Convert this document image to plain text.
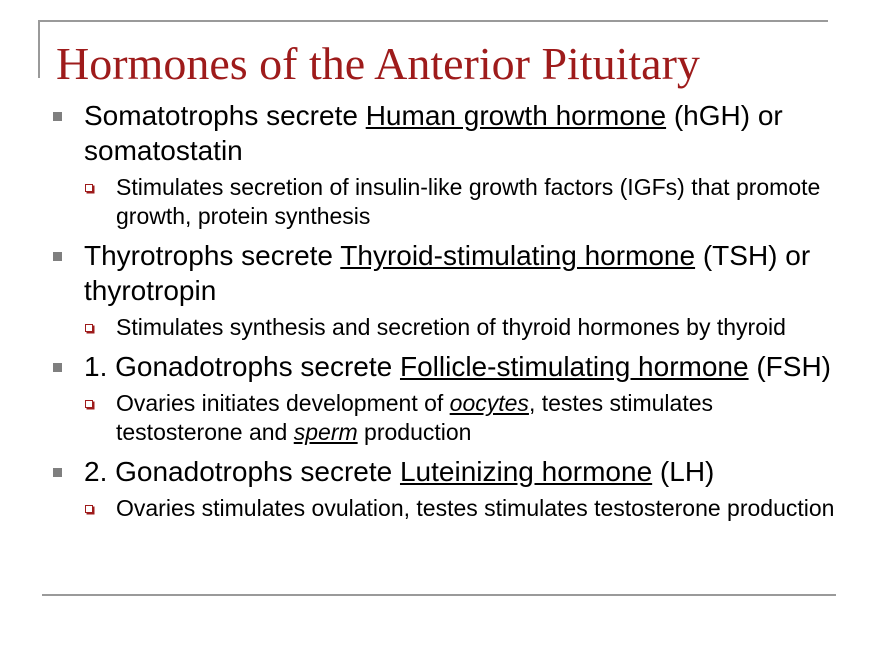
Hormones of the Anterior Pituitary
Somatotrophs secrete Human growth hormone (hGH) or somatostatin
Stimulates secretion of insulin-like growth factors (IGFs) that promote growth, protein synthesis
Thyrotrophs secrete Thyroid-stimulating hormone (TSH) or thyrotropin
Stimulates synthesis and secretion of thyroid hormones by thyroid
1. Gonadotrophs secrete Follicle-stimulating hormone (FSH)
Ovaries initiates development of oocytes, testes stimulates testosterone and sperm production
2. Gonadotrophs secrete Luteinizing hormone (LH)
Ovaries stimulates ovulation, testes stimulates testosterone production
